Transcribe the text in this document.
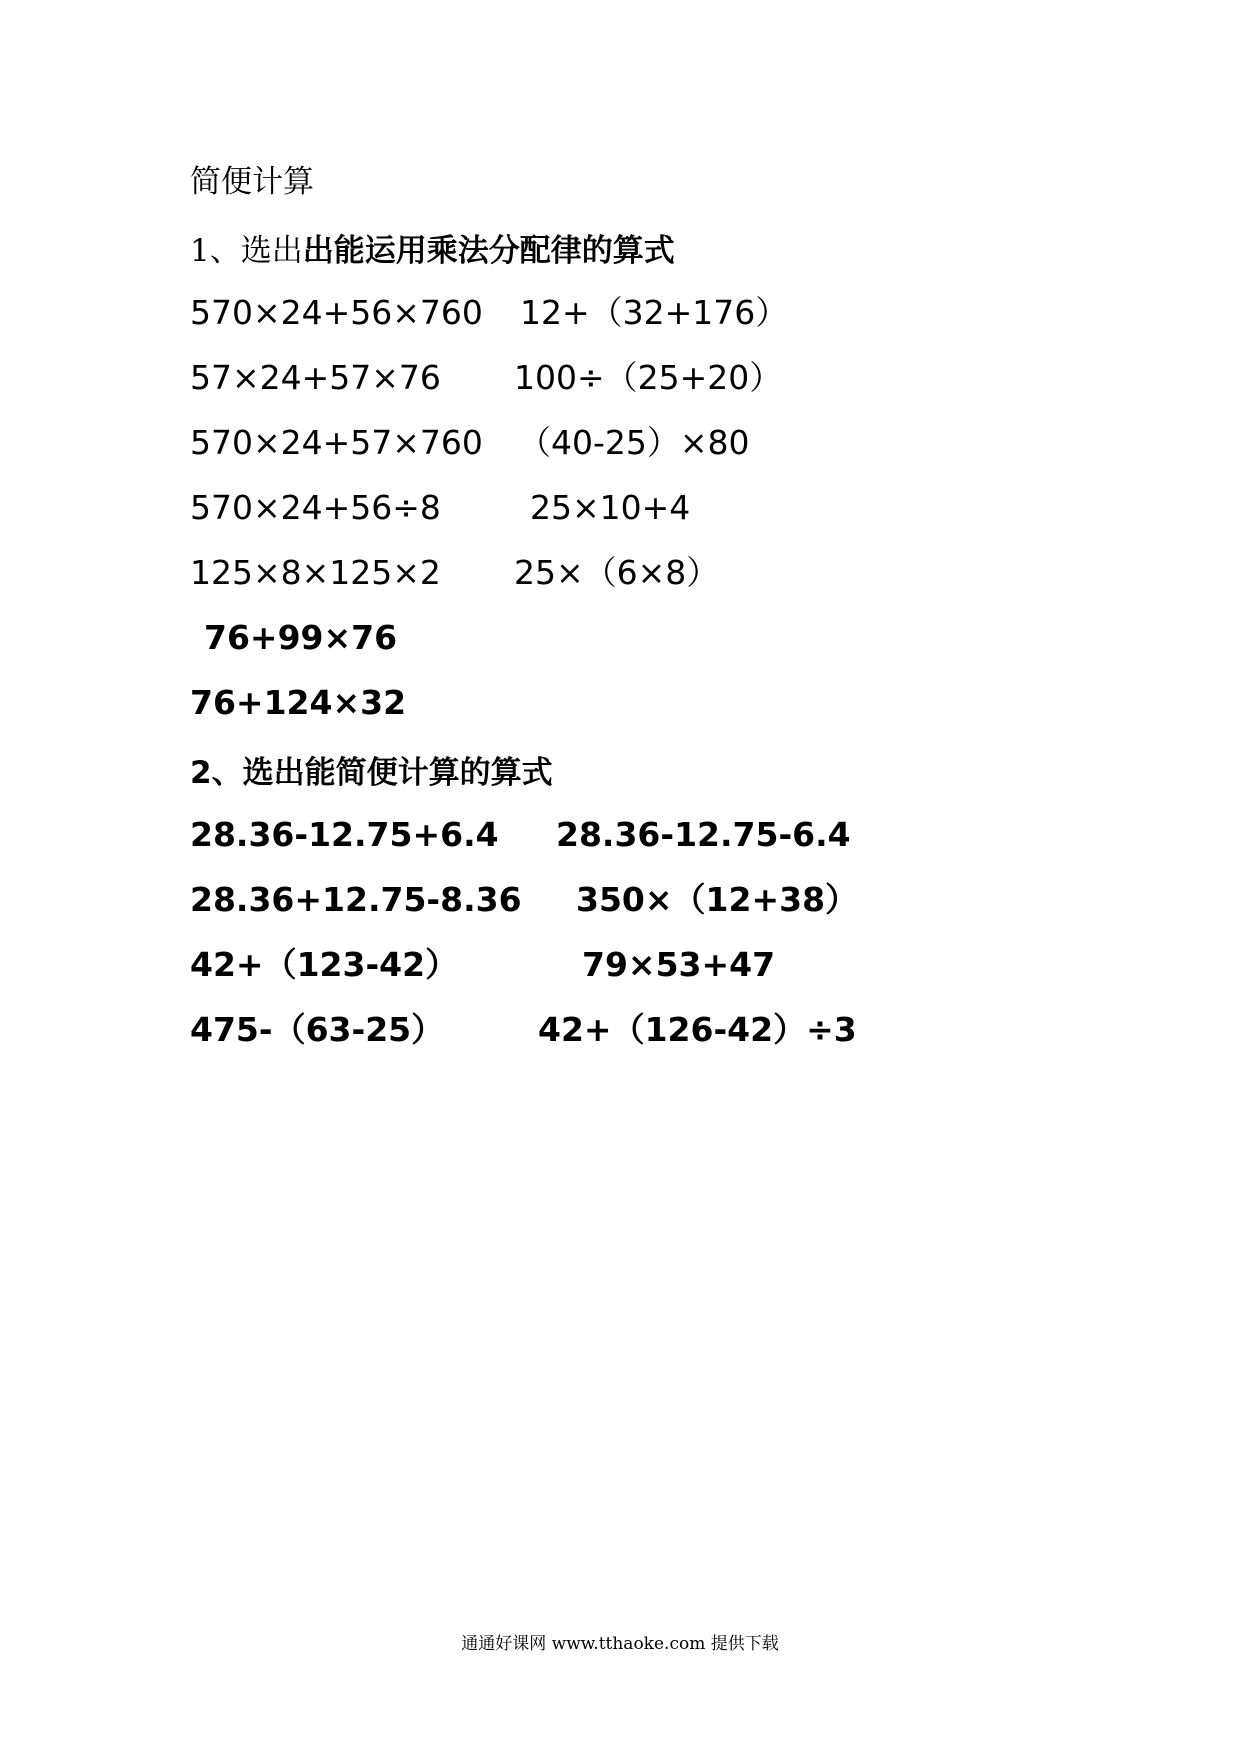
简便计算
1、选出出能运用乘法分配律的算式
570×24+56×760 12+（32+176）
57×24+57×76 100÷（25+20）
570×24+57×760 （40-25）×80
570×24+56÷8	25×10+4
125×8×125×2 25×（6×8）
76+99×76
76+124×32
2、选出能简便计算的算式
28.36-12.75+6.4 28.36-12.75-6.4
28.36+12.75-8.36 350×（12+38）
42+（123-42）	79×53+47
475-（63-25）	42+（126-42）÷3
通通好课网 www.tthaoke.com 提供下载
